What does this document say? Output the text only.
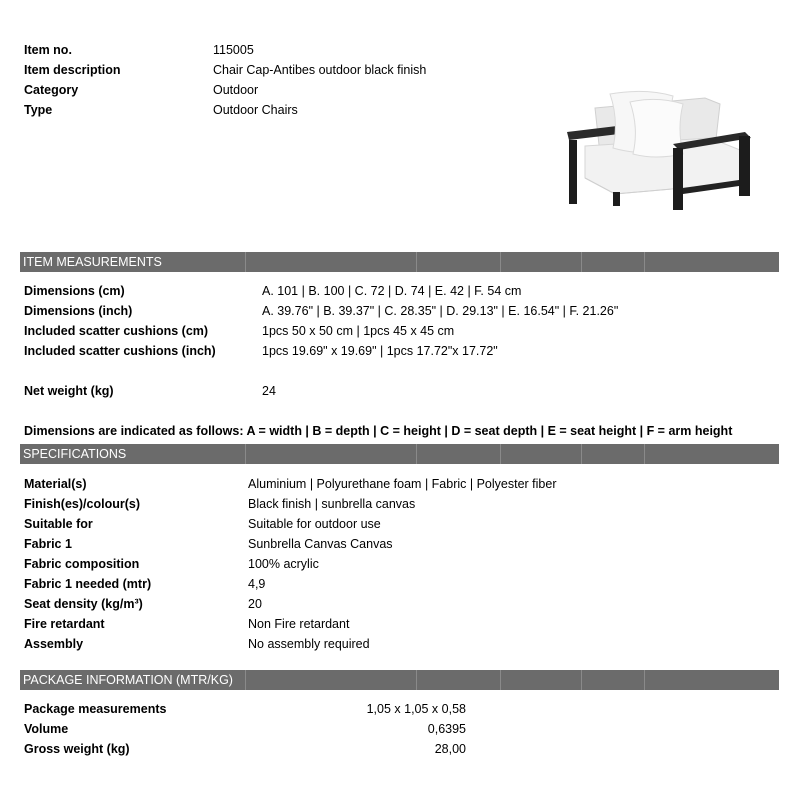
Item no.	115005
Item description	Chair Cap-Antibes outdoor black finish
Category	Outdoor
Type	Outdoor Chairs
ITEM MEASUREMENTS
Dimensions (cm)	A. 101 | B. 100 | C. 72 | D. 74 | E. 42 | F. 54 cm
Dimensions (inch)	A. 39.76" | B. 39.37" | C. 28.35" | D. 29.13" | E. 16.54" | F. 21.26"
Included scatter cushions (cm)	1pcs 50 x 50 cm | 1pcs 45 x 45 cm
Included scatter cushions (inch)	1pcs 19.69" x 19.69" | 1pcs 17.72"x 17.72"
Net weight (kg)	24
Dimensions are indicated as follows: A = width | B = depth | C = height | D = seat depth | E = seat height | F = arm height
SPECIFICATIONS
Material(s)	Aluminium | Polyurethane foam | Fabric | Polyester fiber
Finish(es)/colour(s)	Black finish | sunbrella canvas
Suitable for	Suitable for outdoor use
Fabric 1	Sunbrella Canvas Canvas
Fabric composition	100% acrylic
Fabric 1 needed (mtr)	4,9
Seat density (kg/m³)	20
Fire retardant	Non Fire retardant
Assembly	No assembly required
PACKAGE INFORMATION (MTR/KG)
Package measurements	1,05 x 1,05 x 0,58
Volume	0,6395
Gross weight (kg)	28,00
